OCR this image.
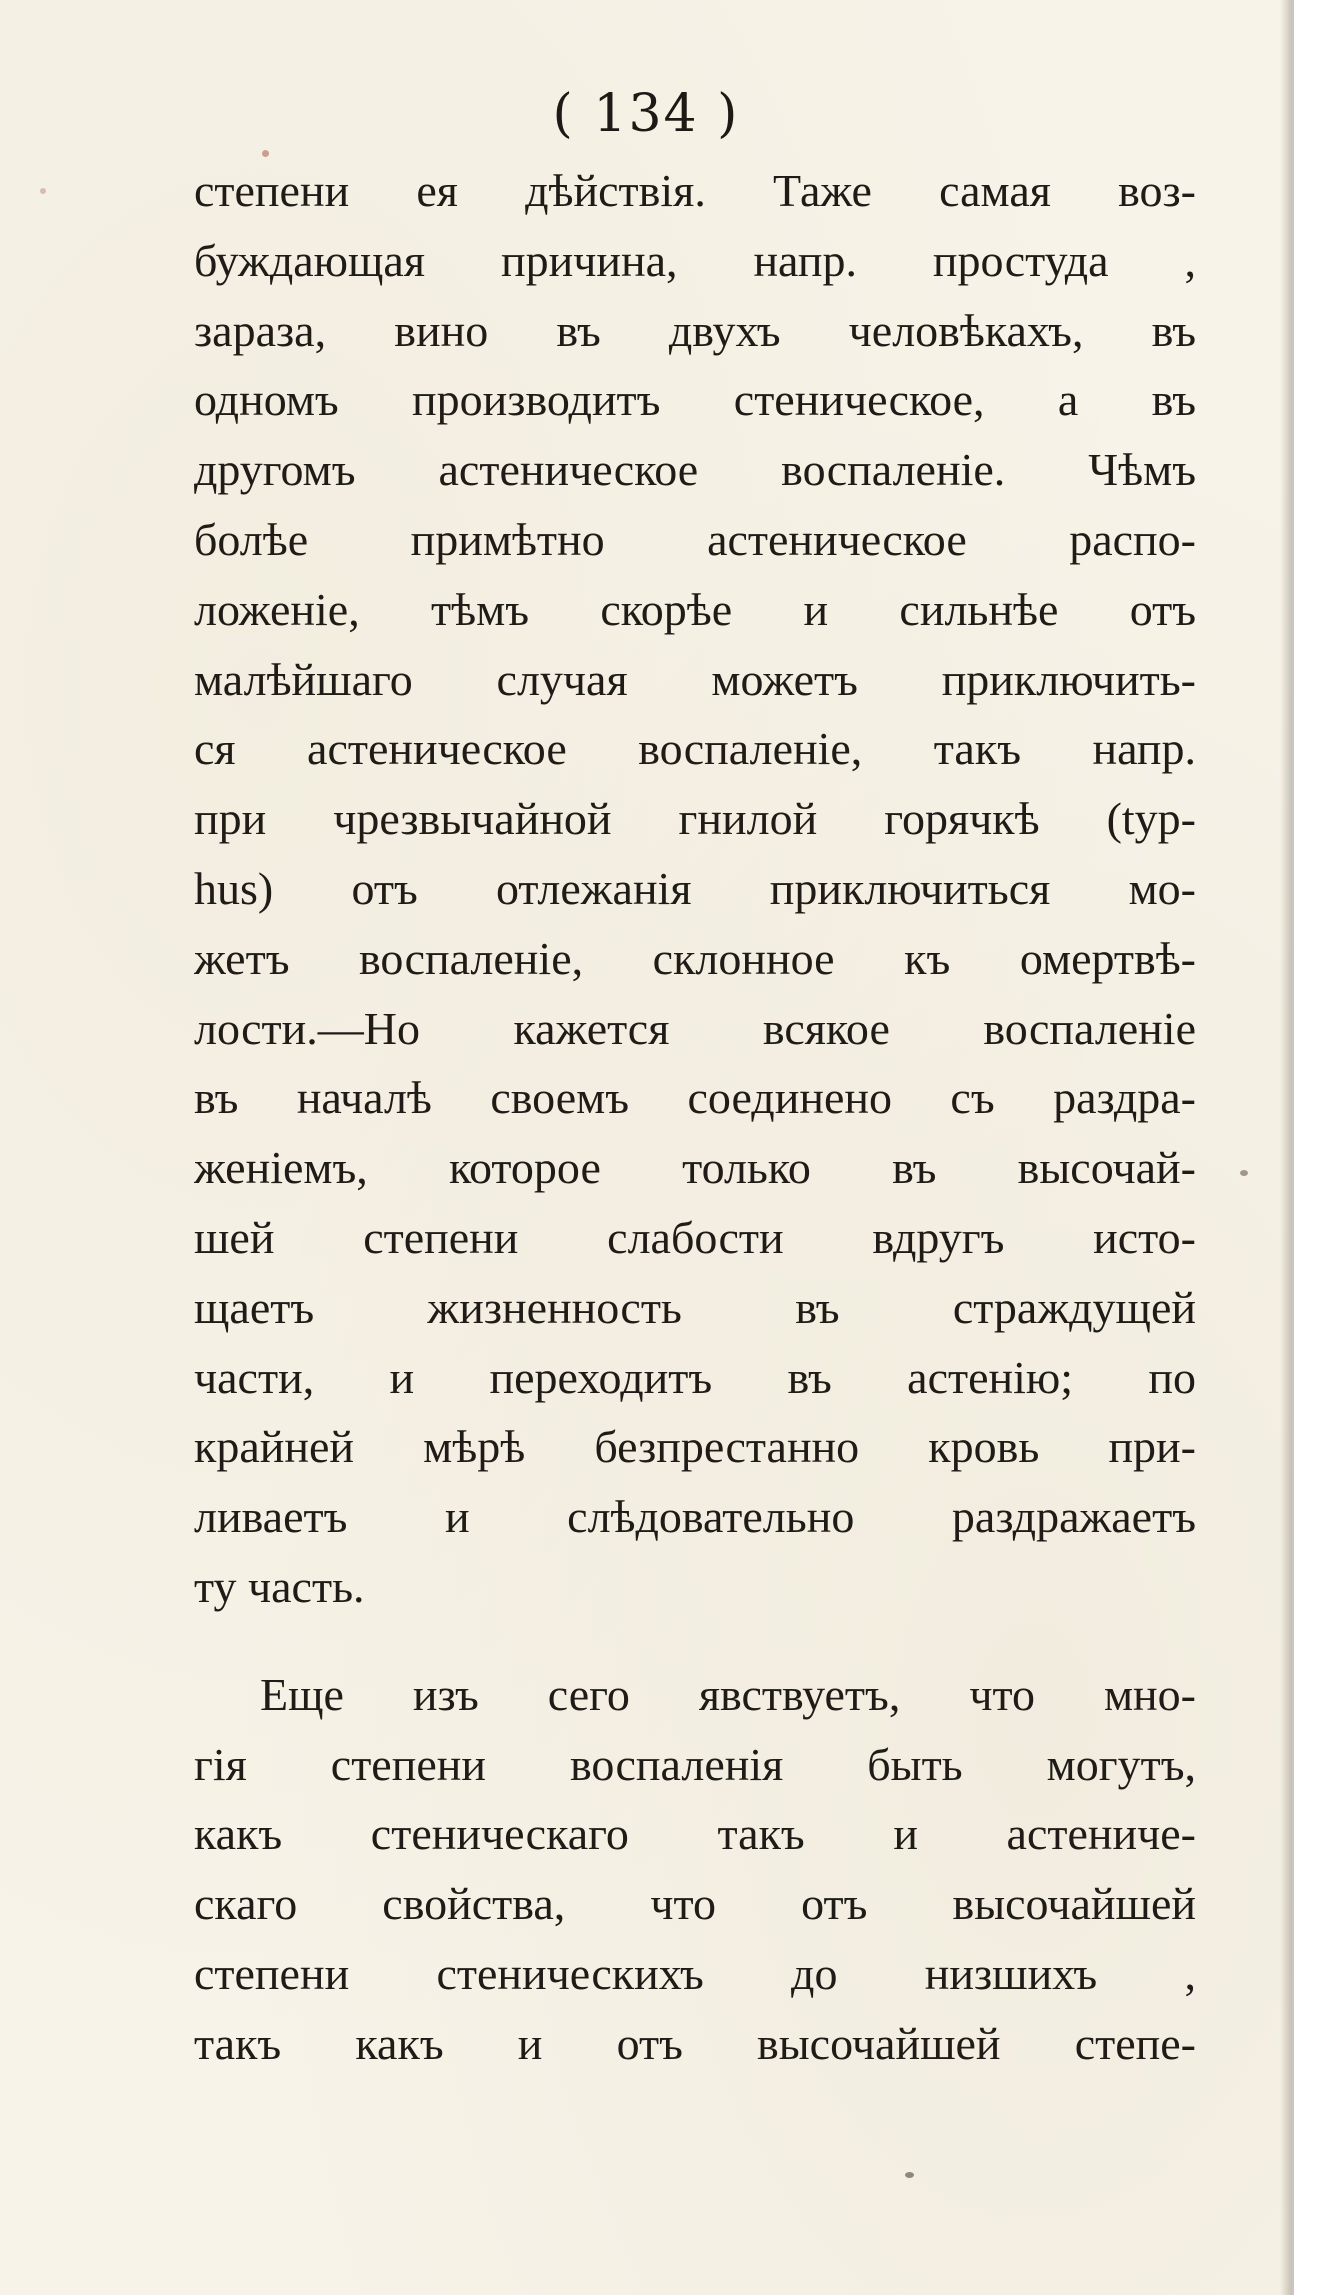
( 134 )
степени ея дѣйствія. Таже самая воз-
буждающая причина, напр. простуда ,
зараза, вино въ двухъ человѣкахъ, въ
одномъ производитъ стеническое, а въ
другомъ астеническое воспаленіе. Чѣмъ
болѣе примѣтно астеническое распо-
ложеніе, тѣмъ скорѣе и сильнѣе отъ
малѣйшаго случая можетъ приключить-
ся астеническое воспаленіе, такъ напр.
при чрезвычайной гнилой горячкѣ (typ-
hus) отъ отлежанія приключиться мо-
жетъ воспаленіе, склонное къ омертвѣ-
лости.—Но кажется всякое воспаленіе
въ началѣ своемъ соединено съ раздра-
женіемъ, которое только въ высочай-
шей степени слабости вдругъ исто-
щаетъ жизненность въ страждущей
части, и переходитъ въ астенію; по
крайней мѣрѣ безпрестанно кровь при-
ливаетъ и слѣдовательно раздражаетъ
ту часть.
Еще изъ сего явствуетъ, что мно-
гія степени воспаленія быть могутъ,
какъ стеническаго такъ и астениче-
скаго свойства, что отъ высочайшей
степени стеническихъ до низшихъ ,
такъ какъ и отъ высочайшей степе-
